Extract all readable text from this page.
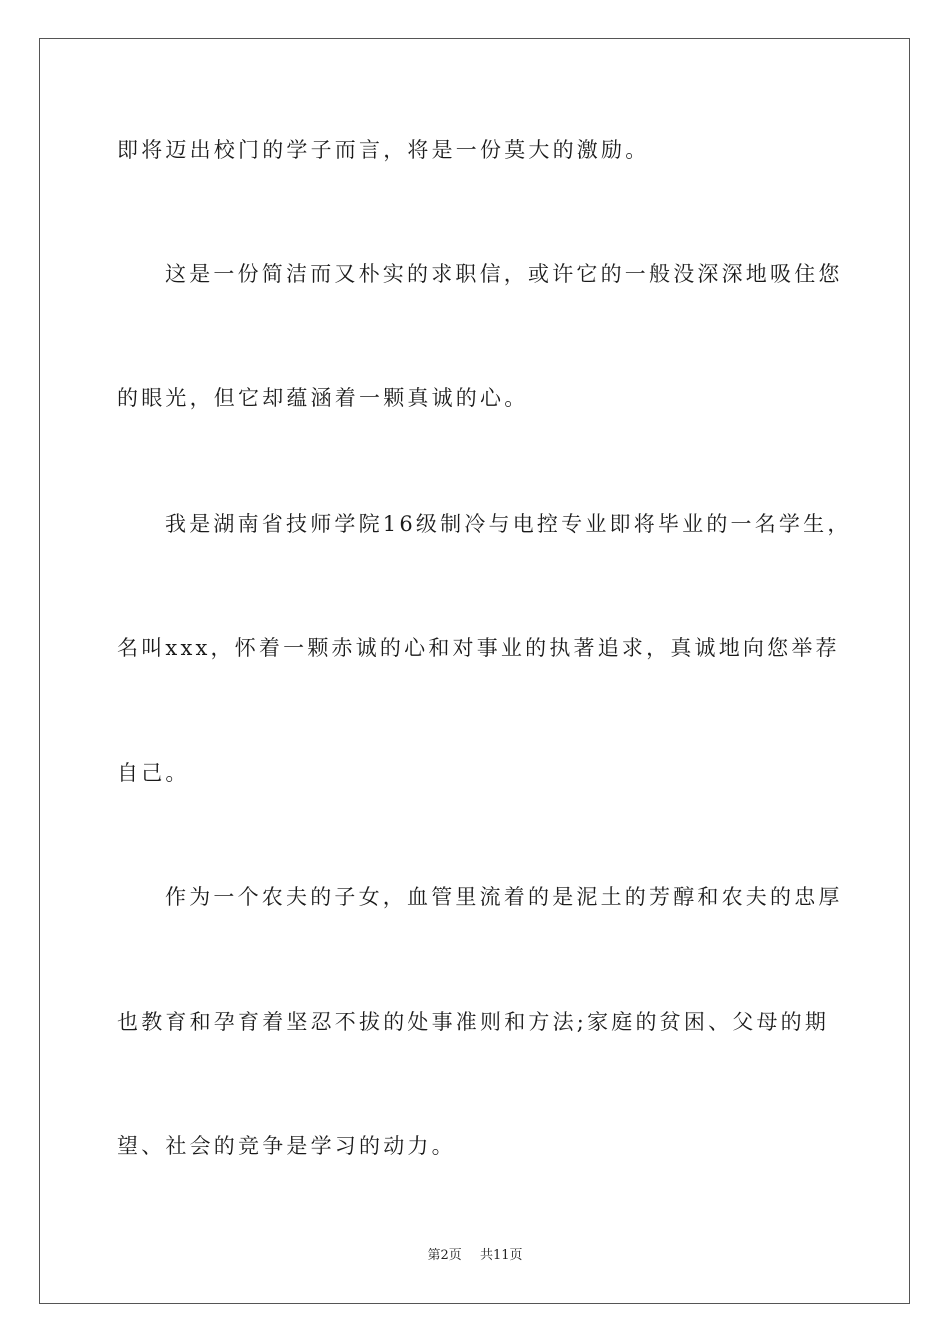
即将迈出校门的学子而言，将是一份莫大的激励。
这是一份简洁而又朴实的求职信，或许它的一般没深深地吸住您
的眼光，但它却蕴涵着一颗真诚的心。
我是湖南省技师学院16级制冷与电控专业即将毕业的一名学生，
名叫xxx，怀着一颗赤诚的心和对事业的执著追求，真诚地向您举荐
自己。
作为一个农夫的子女，血管里流着的是泥土的芳醇和农夫的忠厚
也教育和孕育着坚忍不拔的处事准则和方法;家庭的贫困、父母的期
望、社会的竞争是学习的动力。
第2页 共11页
